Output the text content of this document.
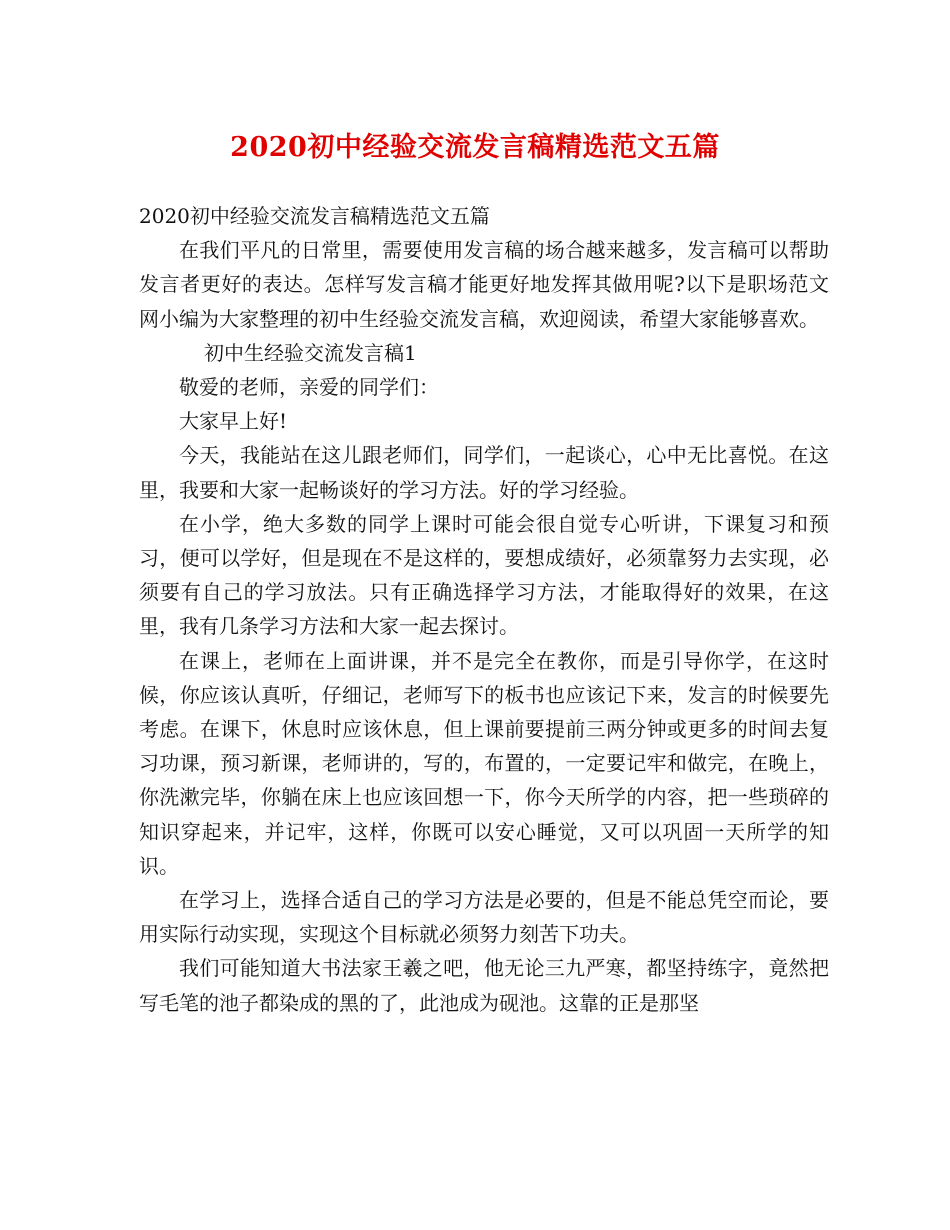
2020初中经验交流发言稿精选范文五篇

2020初中经验交流发言稿精选范文五篇

在我们平凡的日常里，需要使用发言稿的场合越来越多，发言稿可以帮助发言者更好的表达。怎样写发言稿才能更好地发挥其做用呢?以下是职场范文网小编为大家整理的初中生经验交流发言稿，欢迎阅读，希望大家能够喜欢。

初中生经验交流发言稿1

敬爱的老师，亲爱的同学们：

大家早上好!

今天，我能站在这儿跟老师们，同学们，一起谈心，心中无比喜悦。在这里，我要和大家一起畅谈好的学习方法。好的学习经验。

在小学，绝大多数的同学上课时可能会很自觉专心听讲，下课复习和预习，便可以学好，但是现在不是这样的，要想成绩好，必须靠努力去实现，必须要有自己的学习放法。只有正确选择学习方法，才能取得好的效果，在这里，我有几条学习方法和大家一起去探讨。

在课上，老师在上面讲课，并不是完全在教你，而是引导你学，在这时候，你应该认真听，仔细记，老师写下的板书也应该记下来，发言的时候要先考虑。在课下，休息时应该休息，但上课前要提前三两分钟或更多的时间去复习功课，预习新课，老师讲的，写的，布置的，一定要记牢和做完，在晚上，你洗漱完毕，你躺在床上也应该回想一下，你今天所学的内容，把一些琐碎的知识穿起来，并记牢，这样，你既可以安心睡觉，又可以巩固一天所学的知识。

在学习上，选择合适自己的学习方法是必要的，但是不能总凭空而论，要用实际行动实现，实现这个目标就必须努力刻苦下功夫。

我们可能知道大书法家王羲之吧，他无论三九严寒，都坚持练字，竟然把写毛笔的池子都染成的黑的了，此池成为砚池。这靠的正是那坚
